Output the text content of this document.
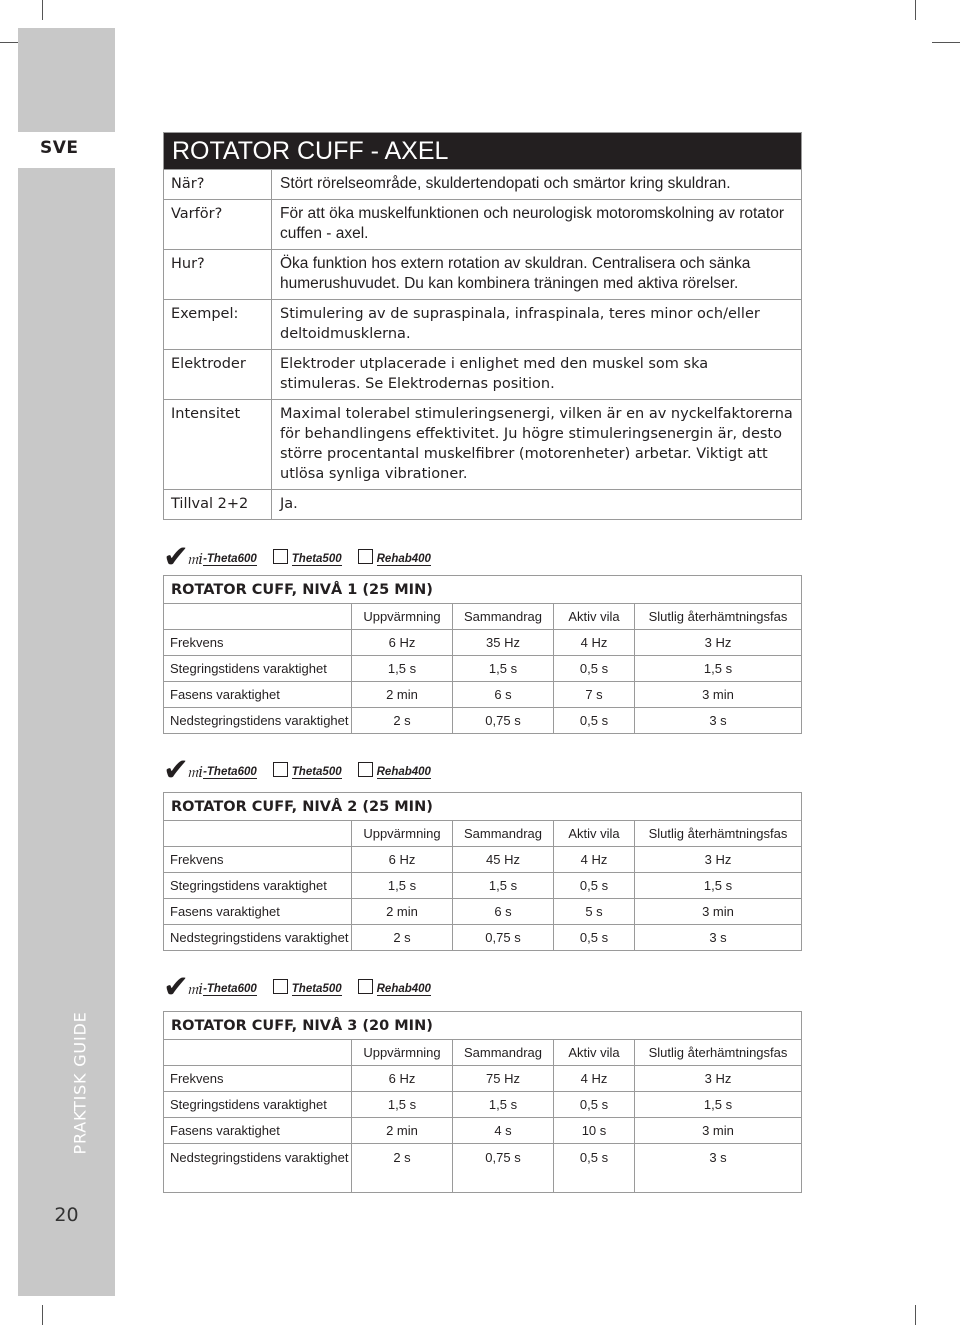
SVE
PRAKTISK GUIDE
20
ROTATOR CUFF - AXEL
När?	Stört rörelseområde, skuldertendopati och smärtor kring skuldran.
Varför?	För att öka muskelfunktionen och neurologisk motoromskolning av rotator cuffen - axel.
Hur?	Öka funktion hos extern rotation av skuldran. Centralisera och sänka humerushuvudet. Du kan kombinera träningen med aktiva rörelser.
Exempel:	Stimulering av de supraspinala, infraspinala, teres minor och/eller deltoidmusklerna.
Elektroder	Elektroder utplacerade i enlighet med den muskel som ska stimuleras. Se Elektrodernas position.
Intensitet	Maximal tolerabel stimuleringsenergi, vilken är en av nyckelfaktorerna för behandlingens effektivitet. Ju högre stimuleringsenergin är, desto större procentantal muskelfibrer (motorenheter) arbetar. Viktigt att utlösa synliga vibrationer.
Tillval 2+2	Ja.
✔
𝔪𝑖 -Theta600	Theta500	Rehab400
ROTATOR CUFF, NIVÅ 1 (25 MIN)
	Uppvärmning	Sammandrag	Aktiv vila	Slutlig återhämtningsfas
Frekvens	6 Hz	35 Hz	4 Hz	3 Hz
Stegringstidens varaktighet	1,5 s	1,5 s	0,5 s	1,5 s
Fasens varaktighet	2 min	6 s	7 s	3 min
Nedstegringstidens varaktighet	2 s	0,75 s	0,5 s	3 s
✔
𝔪𝑖 -Theta600	Theta500	Rehab400
ROTATOR CUFF, NIVÅ 2 (25 MIN)
	Uppvärmning	Sammandrag	Aktiv vila	Slutlig återhämtningsfas
Frekvens	6 Hz	45 Hz	4 Hz	3 Hz
Stegringstidens varaktighet	1,5 s	1,5 s	0,5 s	1,5 s
Fasens varaktighet	2 min	6 s	5 s	3 min
Nedstegringstidens varaktighet	2 s	0,75 s	0,5 s	3 s
✔
𝔪𝑖 -Theta600	Theta500	Rehab400
ROTATOR CUFF, NIVÅ 3 (20 MIN)
	Uppvärmning	Sammandrag	Aktiv vila	Slutlig återhämtningsfas
Frekvens	6 Hz	75 Hz	4 Hz	3 Hz
Stegringstidens varaktighet	1,5 s	1,5 s	0,5 s	1,5 s
Fasens varaktighet	2 min	4 s	10 s	3 min
Nedstegringstidens varaktighet	2 s	0,75 s	0,5 s	3 s
